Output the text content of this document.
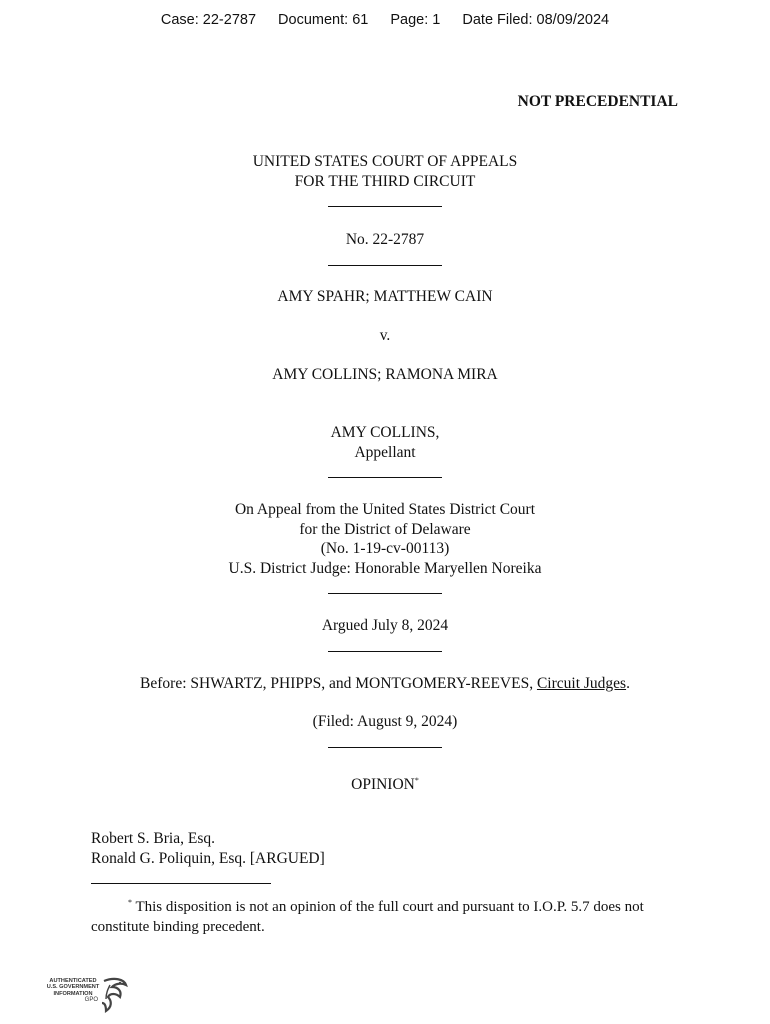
Case: 22-2787 Document: 61 Page: 1 Date Filed: 08/09/2024
NOT PRECEDENTIAL
UNITED STATES COURT OF APPEALS
FOR THE THIRD CIRCUIT
No. 22-2787
AMY SPAHR; MATTHEW CAIN
v.
AMY COLLINS; RAMONA MIRA
AMY COLLINS,
Appellant
On Appeal from the United States District Court
for the District of Delaware
(No. 1-19-cv-00113)
U.S. District Judge: Honorable Maryellen Noreika
Argued July 8, 2024
Before: SHWARTZ, PHIPPS, and MONTGOMERY-REEVES, Circuit Judges.
(Filed: August 9, 2024)
OPINION*
Robert S. Bria, Esq.
Ronald G. Poliquin, Esq. [ARGUED]
* This disposition is not an opinion of the full court and pursuant to I.O.P. 5.7 does not constitute binding precedent.
AUTHENTICATED
U.S. GOVERNMENT
INFORMATION
GPO
